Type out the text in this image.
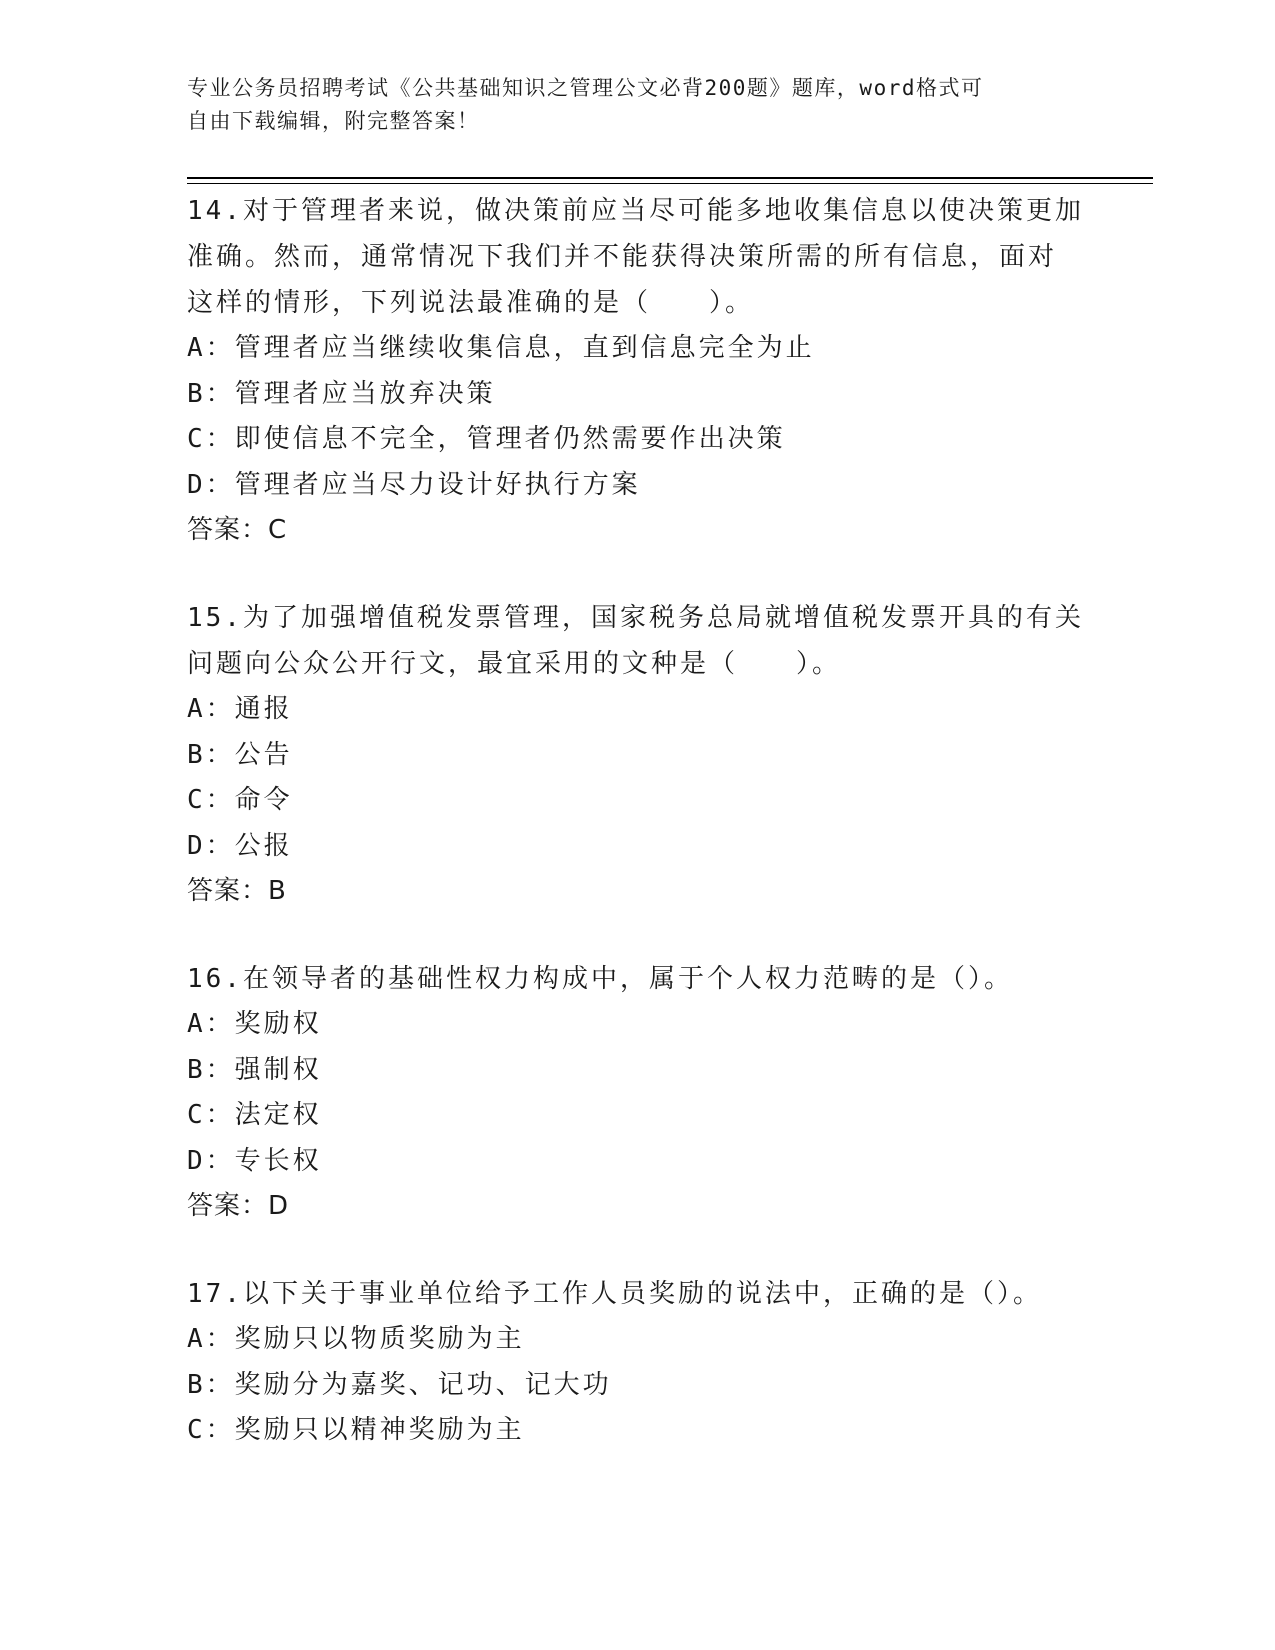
专业公务员招聘考试《公共基础知识之管理公文必背200题》题库，word格式可
自由下载编辑，附完整答案！
14.对于管理者来说，做决策前应当尽可能多地收集信息以使决策更加
准确。然而，通常情况下我们并不能获得决策所需的所有信息，面对
这样的情形，下列说法最准确的是（　　）。
A：管理者应当继续收集信息，直到信息完全为止
B：管理者应当放弃决策
C：即使信息不完全，管理者仍然需要作出决策
D：管理者应当尽力设计好执行方案
答案：C
15.为了加强增值税发票管理，国家税务总局就增值税发票开具的有关
问题向公众公开行文，最宜采用的文种是（　　）。
A：通报
B：公告
C：命令
D：公报
答案：B
16.在领导者的基础性权力构成中，属于个人权力范畴的是（）。
A：奖励权
B：强制权
C：法定权
D：专长权
答案：D
17.以下关于事业单位给予工作人员奖励的说法中，正确的是（）。
A：奖励只以物质奖励为主
B：奖励分为嘉奖、记功、记大功
C：奖励只以精神奖励为主
